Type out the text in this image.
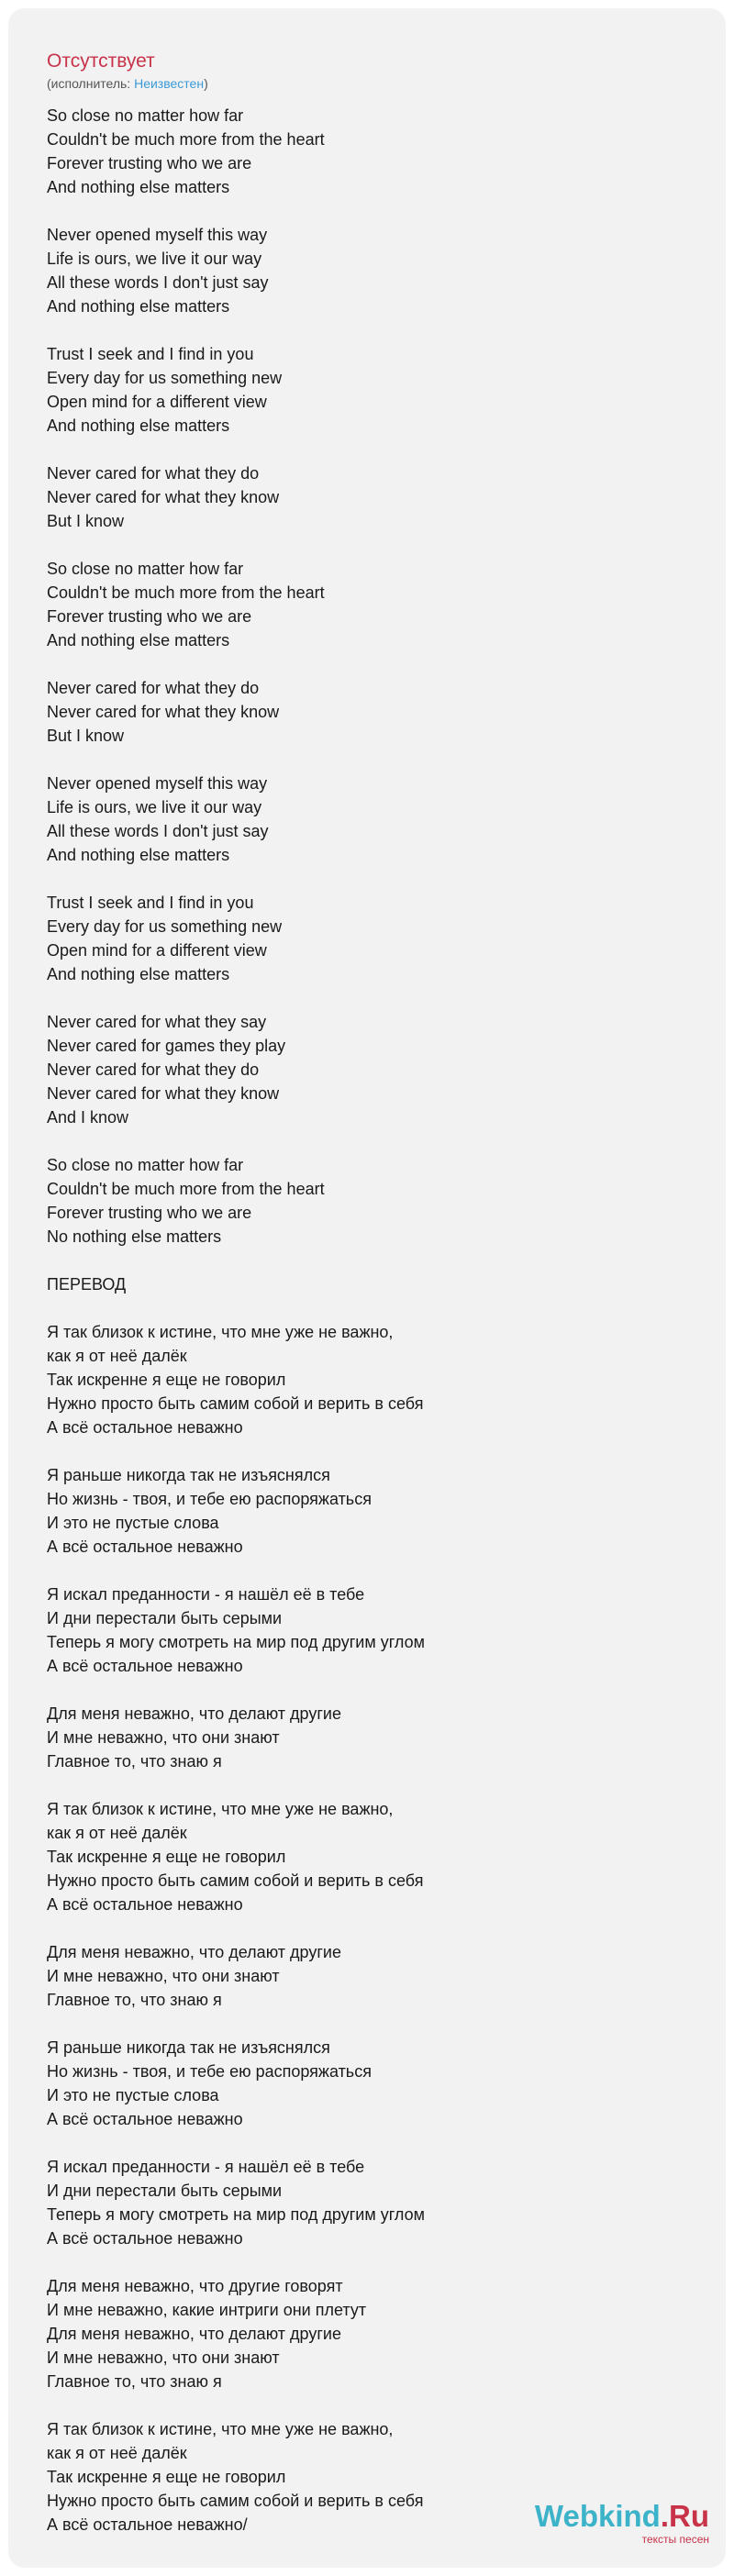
Отсутствует
(исполнитель: Неизвестен)
So close no matter how far
Couldn't be much more from the heart
Forever trusting who we are
And nothing else matters
Never opened myself this way
Life is ours, we live it our way
All these words I don't just say
And nothing else matters
Trust I seek and I find in you
Every day for us something new
Open mind for a different view
And nothing else matters
Never cared for what they do
Never cared for what they know
But I know
So close no matter how far
Couldn't be much more from the heart
Forever trusting who we are
And nothing else matters
Never cared for what they do
Never cared for what they know
But I know
Never opened myself this way
Life is ours, we live it our way
All these words I don't just say
And nothing else matters
Trust I seek and I find in you
Every day for us something new
Open mind for a different view
And nothing else matters
Never cared for what they say
Never cared for games they play
Never cared for what they do
Never cared for what they know
And I know
So close no matter how far
Couldn't be much more from the heart
Forever trusting who we are
No nothing else matters
ПЕРЕВОД
Я так близок к истине, что мне уже не важно,
как я от неё далёк
Так искренне я еще не говорил
Нужно просто быть самим собой и верить в себя
А всё остальное неважно
Я раньше никогда так не изъяснялся
Но жизнь - твоя, и тебе ею распоряжаться
И это не пустые слова
А всё остальное неважно
Я искал преданности - я нашёл её в тебе
И дни перестали быть серыми
Теперь я могу смотреть на мир под другим углом
А всё остальное неважно
Для меня неважно, что делают другие
И мне неважно, что они знают
Главное то, что знаю я
Я так близок к истине, что мне уже не важно,
как я от неё далёк
Так искренне я еще не говорил
Нужно просто быть самим собой и верить в себя
А всё остальное неважно
Для меня неважно, что делают другие
И мне неважно, что они знают
Главное то, что знаю я
Я раньше никогда так не изъяснялся
Но жизнь - твоя, и тебе ею распоряжаться
И это не пустые слова
А всё остальное неважно
Я искал преданности - я нашёл её в тебе
И дни перестали быть серыми
Теперь я могу смотреть на мир под другим углом
А всё остальное неважно
Для меня неважно, что другие говорят
И мне неважно, какие интриги они плетут
Для меня неважно, что делают другие
И мне неважно, что они знают
Главное то, что знаю я
Я так близок к истине, что мне уже не важно,
как я от неё далёк
Так искренне я еще не говорил
Нужно просто быть самим собой и верить в себя
А всё остальное неважно/	Webkind.Ru
тексты песен
